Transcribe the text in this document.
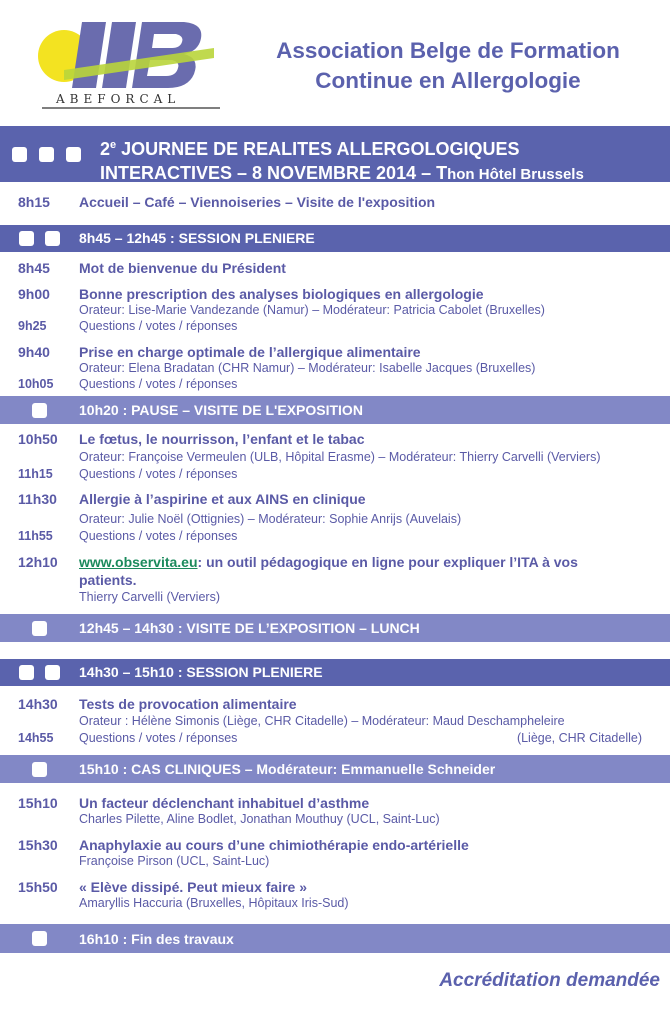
ABEFORCAL
Association Belge de Formation
Continue en Allergologie
2e JOURNEE DE REALITES ALLERGOLOGIQUES
INTERACTIVES – 8 NOVEMBRE 2014 – Thon Hôtel Brussels
8h15 Accueil – Café – Viennoiseries – Visite de l'exposition
8h45 – 12h45 : SESSION PLENIERE
8h45 Mot de bienvenue du Président
9h00 Bonne prescription des analyses biologiques en allergologie
Orateur: Lise-Marie Vandezande (Namur) – Modérateur: Patricia Cabolet (Bruxelles)
9h25	Questions / votes / réponses
9h40 Prise en charge optimale de l’allergique alimentaire
Orateur: Elena Bradatan (CHR Namur) – Modérateur: Isabelle Jacques (Bruxelles)
10h05 Questions / votes / réponses
10h20 : PAUSE – VISITE DE L'EXPOSITION
10h50 Le fœtus, le nourrisson, l’enfant et le tabac
Orateur: Françoise Vermeulen (ULB, Hôpital Erasme) – Modérateur: Thierry Carvelli (Verviers)
11h15 Questions / votes / réponses
11h30 Allergie à l’aspirine et aux AINS en clinique
Orateur: Julie Noël (Ottignies) – Modérateur: Sophie Anrijs (Auvelais)
11h55 Questions / votes / réponses
12h10 www.observita.eu: un outil pédagogique en ligne pour expliquer l’ITA à vos
patients.
Thierry Carvelli (Verviers)
12h45 – 14h30 : VISITE DE L’EXPOSITION – LUNCH
14h30 – 15h10 : SESSION PLENIERE
14h30 Tests de provocation alimentaire
Orateur : Hélène Simonis (Liège, CHR Citadelle) – Modérateur: Maud Deschampheleire
14h55 Questions / votes / réponses	(Liège, CHR Citadelle)
15h10 : CAS CLINIQUES – Modérateur: Emmanuelle Schneider
15h10 Un facteur déclenchant inhabituel d’asthme
Charles Pilette, Aline Bodlet, Jonathan Mouthuy (UCL, Saint-Luc)
15h30 Anaphylaxie au cours d’une chimiothérapie endo-artérielle
Françoise Pirson (UCL, Saint-Luc)
15h50 « Elève dissipé. Peut mieux faire »
Amaryllis Haccuria (Bruxelles, Hôpitaux Iris-Sud)
16h10 : Fin des travaux
Accréditation demandée
